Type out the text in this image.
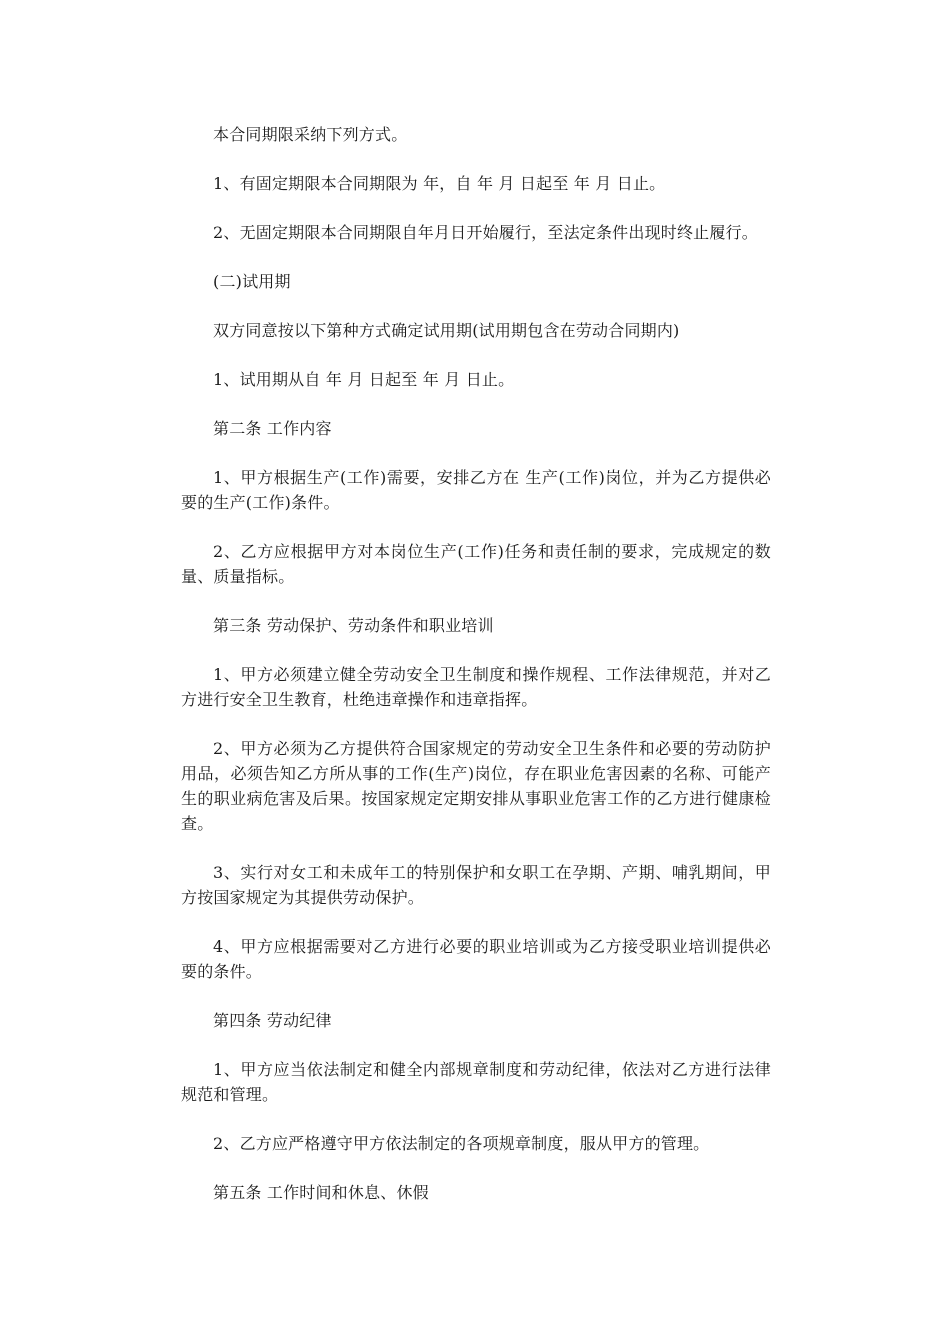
本合同期限采纳下列方式。

1、有固定期限本合同期限为 年，自 年 月 日起至 年 月 日止。

2、无固定期限本合同期限自年月日开始履行，至法定条件出现时终止履行。

(二)试用期

双方同意按以下第种方式确定试用期(试用期包含在劳动合同期内)

1、试用期从自 年 月 日起至 年 月 日止。

第二条 工作内容

1、甲方根据生产(工作)需要，安排乙方在 生产(工作)岗位，并为乙方提供必要的生产(工作)条件。

2、乙方应根据甲方对本岗位生产(工作)任务和责任制的要求，完成规定的数量、质量指标。

第三条 劳动保护、劳动条件和职业培训

1、甲方必须建立健全劳动安全卫生制度和操作规程、工作法律规范，并对乙方进行安全卫生教育，杜绝违章操作和违章指挥。

2、甲方必须为乙方提供符合国家规定的劳动安全卫生条件和必要的劳动防护用品，必须告知乙方所从事的工作(生产)岗位，存在职业危害因素的名称、可能产生的职业病危害及后果。按国家规定定期安排从事职业危害工作的乙方进行健康检查。

3、实行对女工和未成年工的特别保护和女职工在孕期、产期、哺乳期间，甲方按国家规定为其提供劳动保护。

4、甲方应根据需要对乙方进行必要的职业培训或为乙方接受职业培训提供必要的条件。

第四条 劳动纪律

1、甲方应当依法制定和健全内部规章制度和劳动纪律，依法对乙方进行法律规范和管理。

2、乙方应严格遵守甲方依法制定的各项规章制度，服从甲方的管理。

第五条 工作时间和休息、休假
